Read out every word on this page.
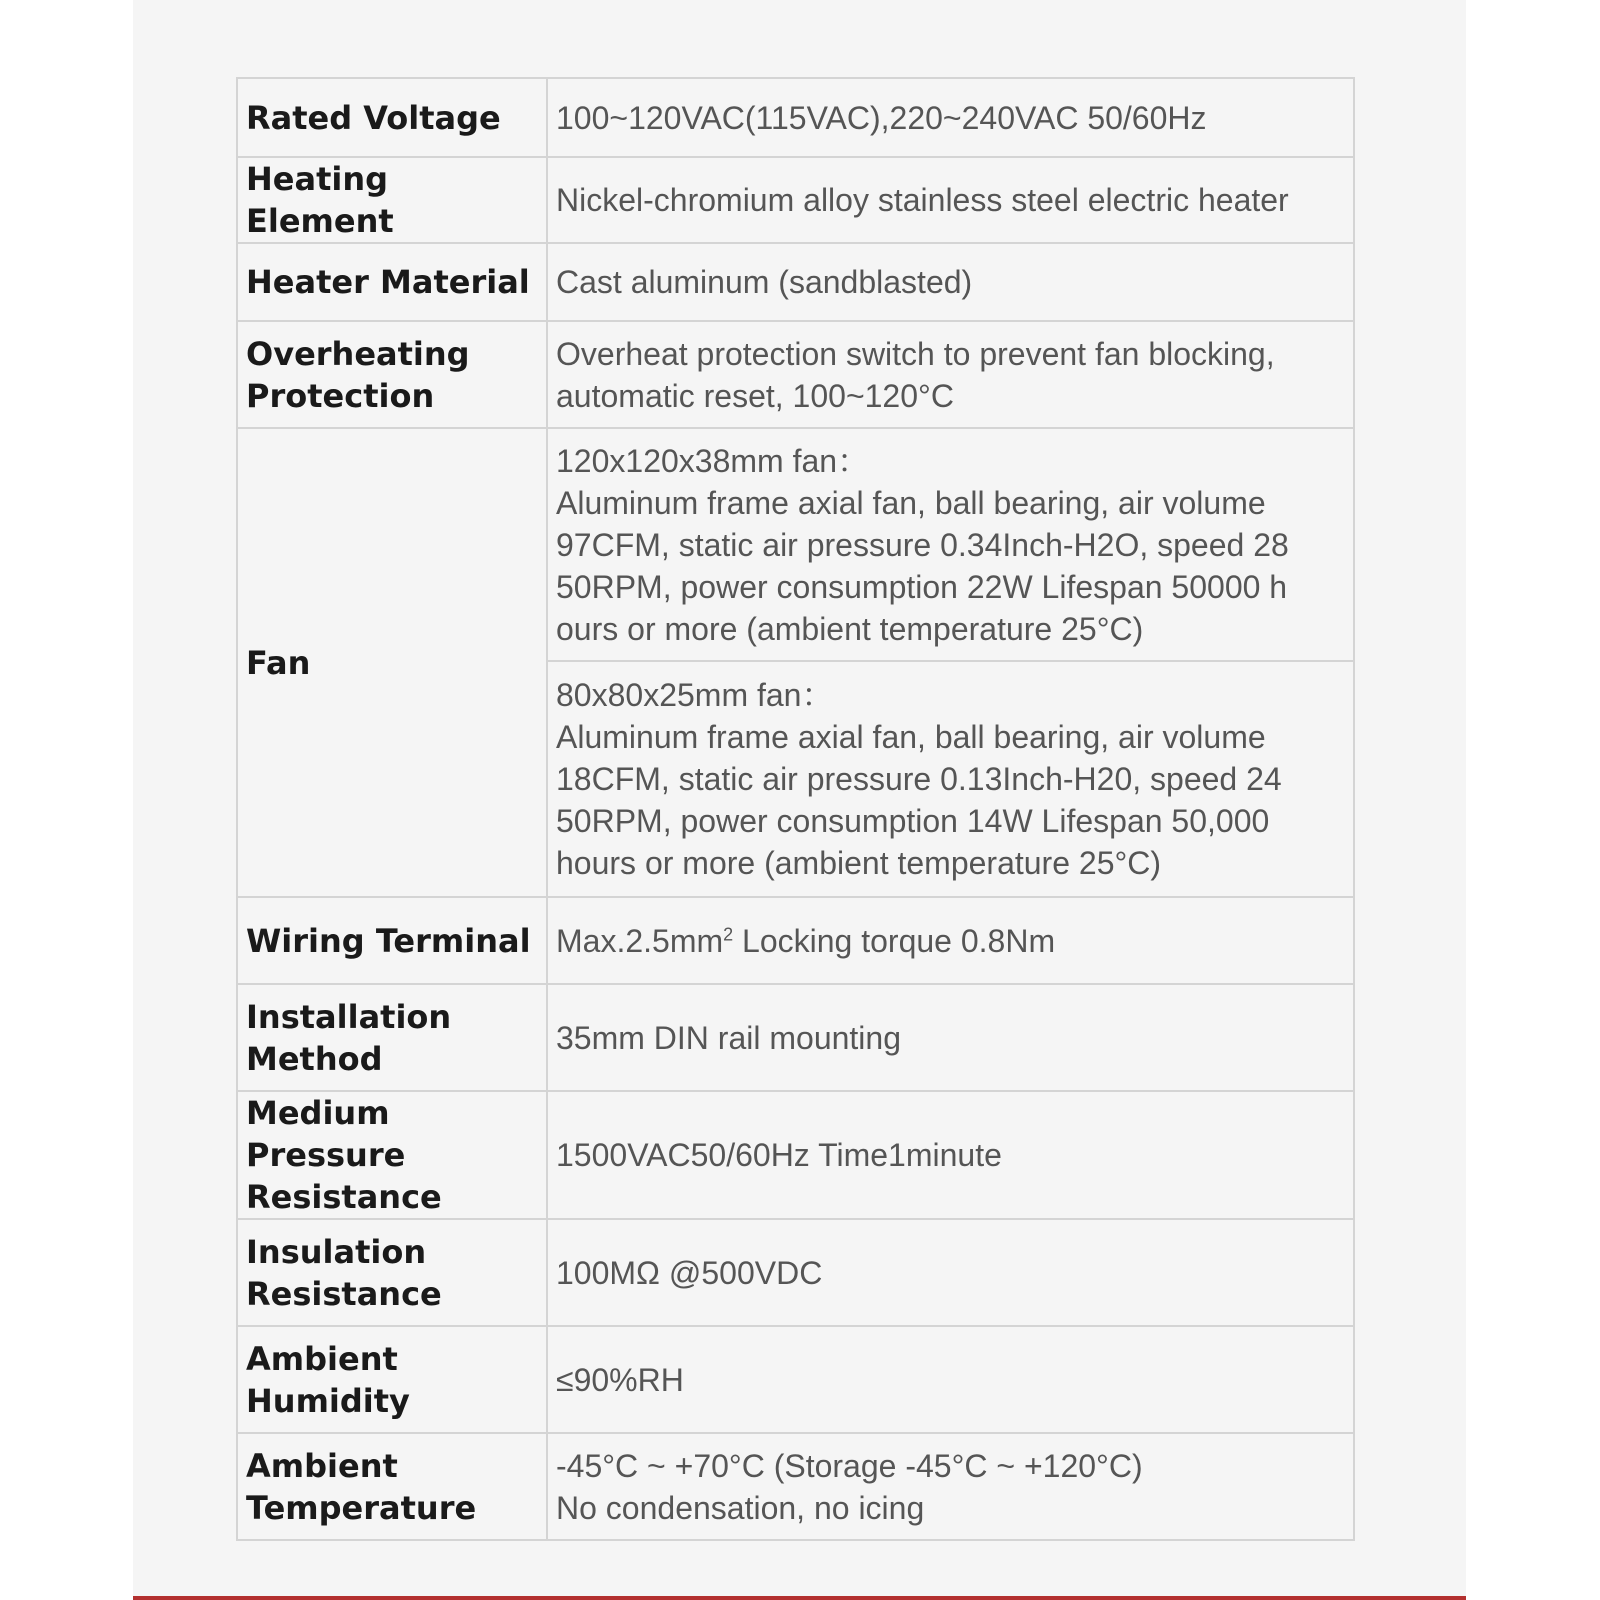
Rated Voltage	100~120VAC(115VAC),220~240VAC 50/60Hz
Heating Element	Nickel-chromium alloy stainless steel electric heater
Heater Material	Cast aluminum (sandblasted)

Overheating
Protection	Overheat protection switch to prevent fan blocking,
automatic reset, 100~120°C

Fan	120x120x38mm fan：
Aluminum frame axial fan, ball bearing, air volume
97CFM, static air pressure 0.34Inch-H2O, speed 28
50RPM, power consumption 22W Lifespan 50000 h
ours or more (ambient temperature 25°C)

	80x80x25mm fan：
Aluminum frame axial fan, ball bearing, air volume
18CFM, static air pressure 0.13Inch-H20, speed 24
50RPM, power consumption 14W Lifespan 50,000
hours or more (ambient temperature 25°C)

Wiring Terminal	$Max.2.5mm^2$ Locking torque 0.8Nm

Installation
Method	35mm DIN rail mounting

Medium Pressure
Resistance	1500VAC50/60Hz Time1minute

Insulation
Resistance	100MΩ @500VDC

Ambient
Humidity	≤90%RH

Ambient
Temperature	-45°C ~ +70°C (Storage -45°C ~ +120°C)
No condensation, no icing
